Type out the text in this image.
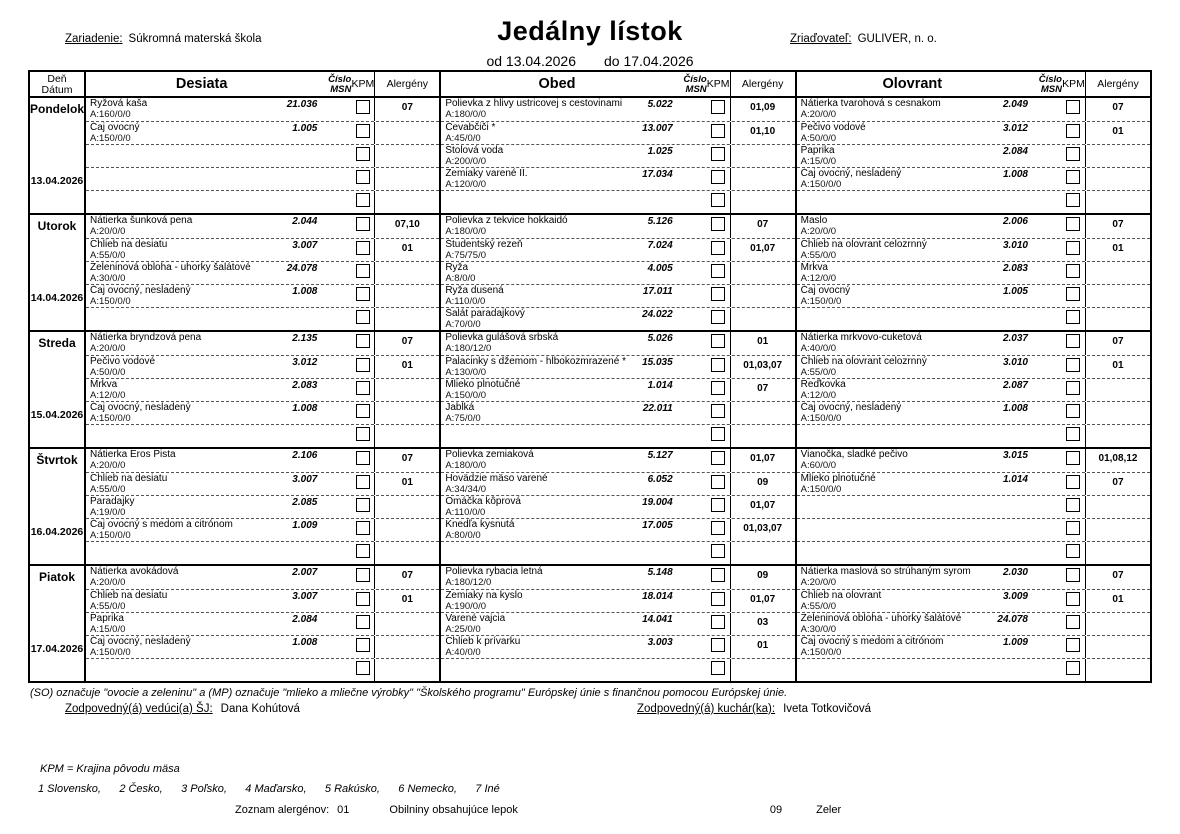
Zariadenie: Súkromná materská škola	Jedálny lístok
od 13.04.2026 do 17.04.2026
Zriaďovateľ: GULIVER, n. o.
Deň
Dátum	Desiata	Číslo
MSN KPM	Alergény	Obed	Číslo
MSN KPM	Alergény	Olovrant	Číslo
MSN KPM	Alergény
Pondelok
13.04.2026
Ryžová kaša
A:160/0/0
21.036	07
Čaj ovocný
A:150/0/0
1.005
Polievka z hlivy ustricovej s cestovinami
A:180/0/0
5.022	01,09
Čevabčiči *
A:45/0/0
13.007	01,10
Stolová voda
A:200/0/0
1.025
Zemiaky varené II.
A:120/0/0
17.034
Nátierka tvarohová s cesnakom
A:20/0/0
2.049	07
Pečivo vodové
A:50/0/0
3.012	01
Paprika
A:15/0/0
2.084
Čaj ovocný, nesladený
A:150/0/0
1.008
Utorok
14.04.2026
Nátierka šunková pena
A:20/0/0
2.044	07,10
Chlieb na desiatu
A:55/0/0
3.007	01
Zeleninová obloha - uhorky šalátové
A:30/0/0
24.078
Čaj ovocný, nesladený
A:150/0/0
1.008
Polievka z tekvice hokkaidó
A:180/0/0
5.126	07
Študentský rezeň
A:75/75/0
7.024	01,07
Ryža
A:8/0/0
4.005
Ryža dusená
A:110/0/0
17.011
Šalát paradajkový
A:70/0/0
24.022
Maslo
A:20/0/0
2.006	07
Chlieb na olovrant celozrnný
A:55/0/0
3.010	01
Mrkva
A:12/0/0
2.083
Čaj ovocný
A:150/0/0
1.005
Streda
15.04.2026
Nátierka bryndzová pena
A:20/0/0
2.135	07
Pečivo vodové
A:50/0/0
3.012	01
Mrkva
A:12/0/0
2.083
Čaj ovocný, nesladený
A:150/0/0
1.008
Polievka gulášová srbská
A:180/12/0
5.026	01
Palacinky s džemom - hlbokozmrazené *
A:130/0/0
15.035	01,03,07
Mlieko plnotučné
A:150/0/0
1.014	07
Jablká
A:75/0/0
22.011
Nátierka mrkvovo-cuketová
A:40/0/0
2.037	07
Chlieb na olovrant celozrnný
A:55/0/0
3.010	01
Reďkovka
A:12/0/0
2.087
Čaj ovocný, nesladený
A:150/0/0
1.008
Štvrtok
16.04.2026
Nátierka Eros Pista
A:20/0/0
2.106	07
Chlieb na desiatu
A:55/0/0
3.007	01
Paradajky
A:19/0/0
2.085
Čaj ovocný s medom a citrónom
A:150/0/0
1.009
Polievka zemiaková
A:180/0/0
5.127	01,07
Hovädzie mäso varené
A:34/34/0
6.052	09
Omáčka kôprová
A:110/0/0
19.004	01,07
Knedľa kysnutá
A:80/0/0
17.005	01,03,07
Vianočka, sladké pečivo
A:60/0/0
3.015	01,08,12
Mlieko plnotučné
A:150/0/0
1.014	07
Piatok
17.04.2026
Nátierka avokádová
A:20/0/0
2.007	07
Chlieb na desiatu
A:55/0/0
3.007	01
Paprika
A:15/0/0
2.084
Čaj ovocný, nesladený
A:150/0/0
1.008
Polievka rybacia letná
A:180/12/0
5.148	09
Zemiaky na kyslo
A:190/0/0
18.014	01,07
Varené vajcia
A:25/0/0
14.041	03
Chlieb k prívarku
A:40/0/0
3.003	01
Nátierka maslová so strúhaným syrom
A:20/0/0
2.030	07
Chlieb na olovrant
A:55/0/0
3.009	01
Zeleninová obloha - uhorky šalátové
A:30/0/0
24.078
Čaj ovocný s medom a citrónom
A:150/0/0
1.009
(SO) označuje "ovocie a zeleninu" a (MP) označuje "mlieko a mliečne výrobky" "Školského programu" Európskej únie s finančnou pomocou Európskej únie.
Zodpovedný(á) vedúci(a) ŠJ: Dana Kohútová	Zodpovedný(á) kuchár(ka): Iveta Totkovičová
KPM = Krajina pôvodu mäsa
1 Slovensko,      2 Česko,      3 Poľsko,      4 Maďarsko,      5 Rakúsko,      6 Nemecko,      7 Iné
Zoznam alergénov: 01	Obilniny obsahujúce lepok	09	Zeler
